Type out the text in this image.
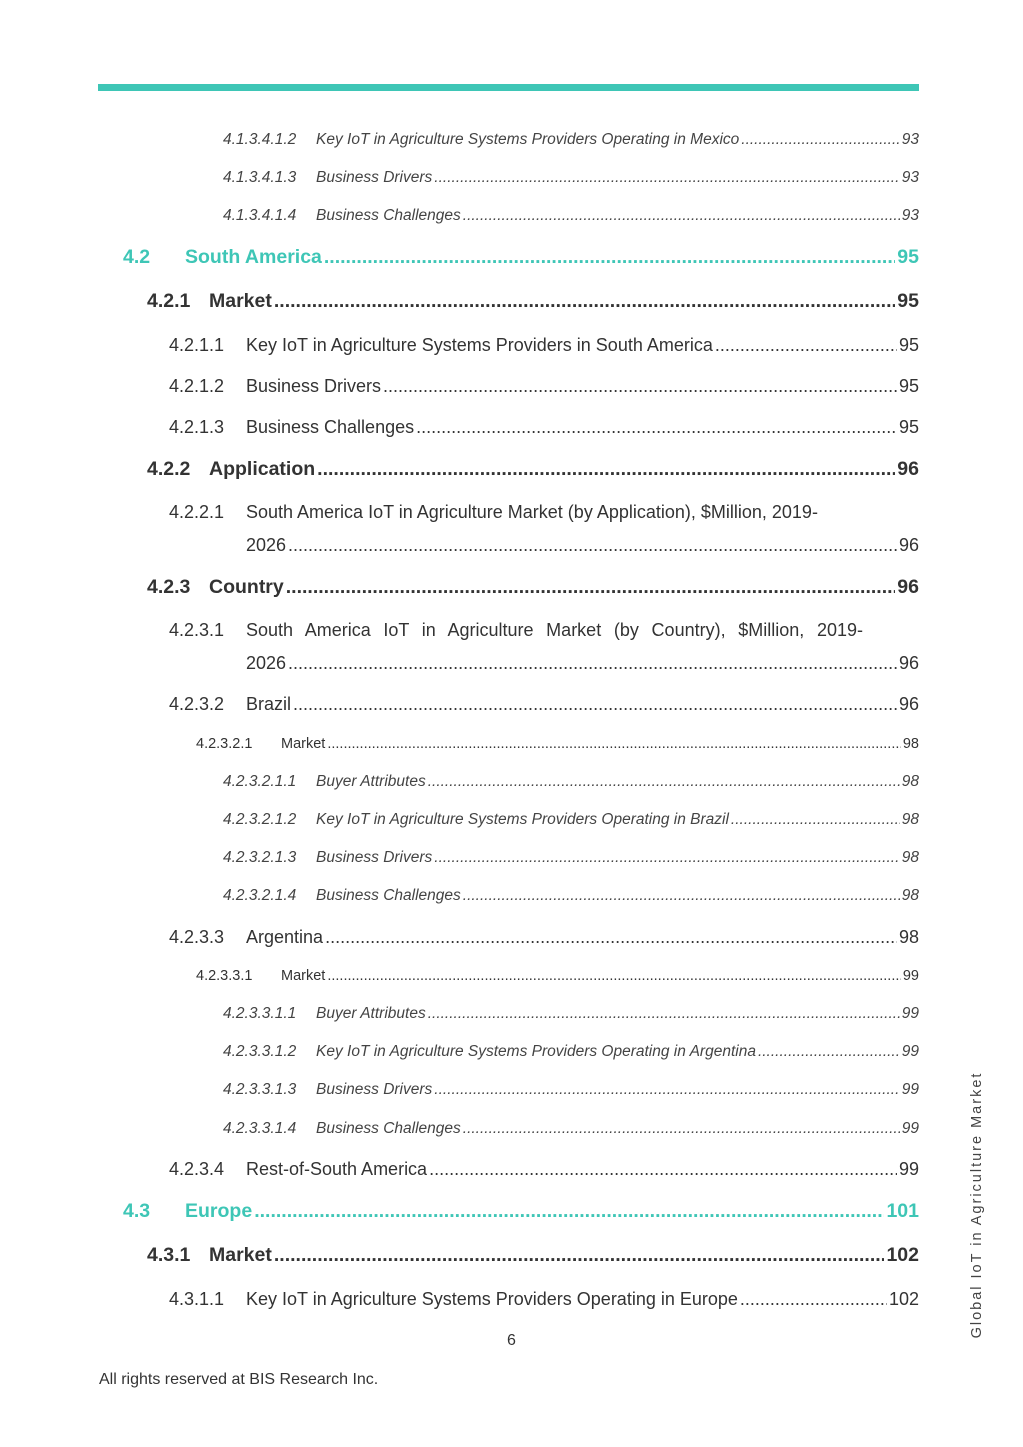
4.1.3.4.1.2	Key IoT in Agriculture Systems Providers Operating in Mexico .....	93
4.1.3.4.1.3	Business Drivers .....	93
4.1.3.4.1.4	Business Challenges .....	93
4.2	South America .....	95
4.2.1 Market .....	95
4.2.1.1	Key IoT in Agriculture Systems Providers in South America .....	95
4.2.1.2	Business Drivers .....	95
4.2.1.3	Business Challenges .....	95
4.2.2 Application .....	96
4.2.2.1	South America IoT in Agriculture Market (by Application), $Million, 2019-
2026 .....	96
4.2.3 Country .....	96
4.2.3.1	South America IoT in Agriculture Market (by Country), $Million, 2019-
2026 .....	96
4.2.3.2	Brazil .....	96
4.2.3.2.1	Market .....	98
4.2.3.2.1.1	Buyer Attributes .....	98
4.2.3.2.1.2	Key IoT in Agriculture Systems Providers Operating in Brazil .....	98
4.2.3.2.1.3	Business Drivers .....	98
4.2.3.2.1.4	Business Challenges .....	98
4.2.3.3	Argentina .....	98
4.2.3.3.1	Market .....	99
4.2.3.3.1.1	Buyer Attributes .....	99
4.2.3.3.1.2	Key IoT in Agriculture Systems Providers Operating in Argentina .....	99
4.2.3.3.1.3	Business Drivers .....	99
4.2.3.3.1.4	Business Challenges .....	99
4.2.3.4	Rest-of-South America .....	99
4.3	Europe .....	101
4.3.1 Market .....	102
4.3.1.1	Key IoT in Agriculture Systems Providers Operating in Europe .....	102	Global IoT in Agriculture Market
6
All rights reserved at BIS Research Inc.
